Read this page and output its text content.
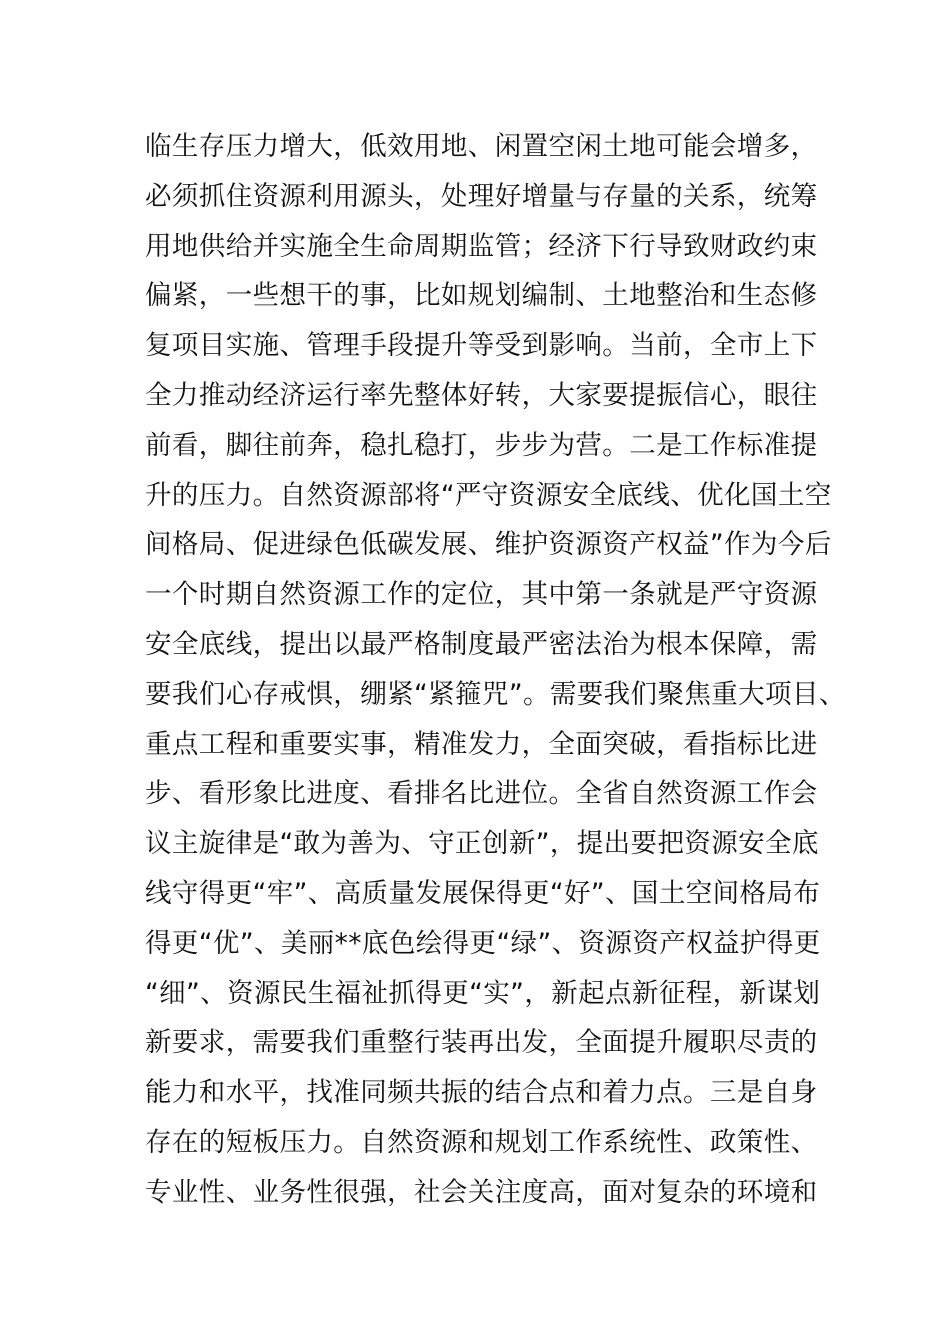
临生存压力增大，低效用地、闲置空闲土地可能会增多，
必须抓住资源利用源头，处理好增量与存量的关系，统筹
用地供给并实施全生命周期监管；经济下行导致财政约束
偏紧，一些想干的事，比如规划编制、土地整治和生态修
复项目实施、管理手段提升等受到影响。当前，全市上下
全力推动经济运行率先整体好转，大家要提振信心，眼往
前看，脚往前奔，稳扎稳打，步步为营。二是工作标准提
升的压力。自然资源部将“严守资源安全底线、优化国土空
间格局、促进绿色低碳发展、维护资源资产权益”作为今后
一个时期自然资源工作的定位，其中第一条就是严守资源
安全底线，提出以最严格制度最严密法治为根本保障，需
要我们心存戒惧，绷紧“紧箍咒”。需要我们聚焦重大项目、
重点工程和重要实事，精准发力，全面突破，看指标比进
步、看形象比进度、看排名比进位。全省自然资源工作会
议主旋律是“敢为善为、守正创新”，提出要把资源安全底
线守得更“牢”、高质量发展保得更“好”、国土空间格局布
得更“优”、美丽**底色绘得更“绿”、资源资产权益护得更
“细”、资源民生福祉抓得更“实”，新起点新征程，新谋划
新要求，需要我们重整行装再出发，全面提升履职尽责的
能力和水平，找准同频共振的结合点和着力点。三是自身
存在的短板压力。自然资源和规划工作系统性、政策性、
专业性、业务性很强，社会关注度高，面对复杂的环境和
